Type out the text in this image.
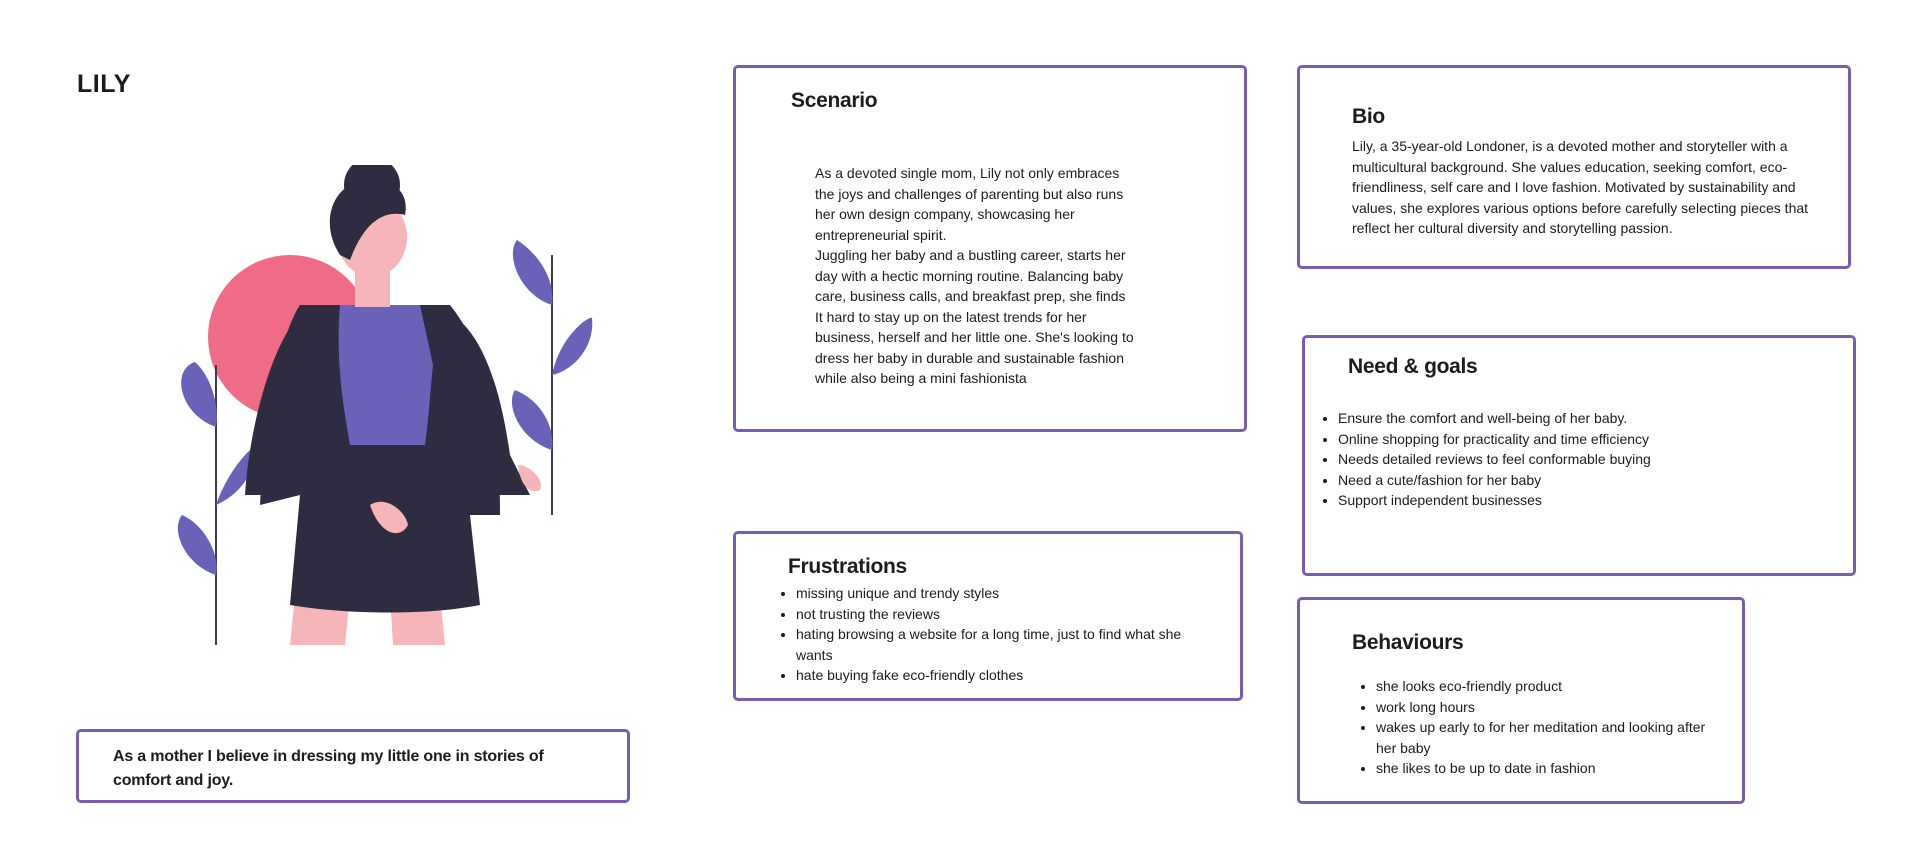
LILY
Scenario

As a devoted single mom, Lily not only embraces the joys and challenges of parenting but also runs her own design company, showcasing her entrepreneurial spirit.

Juggling her baby and a bustling career, starts her day with a hectic morning routine. Balancing baby care, business calls, and breakfast prep, she finds It hard to stay up on the latest trends for her business, herself and her little one. She's looking to dress her baby in durable and sustainable fashion while also being a mini fashionista

Bio
Lily, a 35-year-old Londoner, is a devoted mother and storyteller with a multicultural background. She values education, seeking comfort, eco-friendliness, self care and I love fashion. Motivated by sustainability and values, she explores various options before carefully selecting pieces that reflect her cultural diversity and storytelling passion.
Need & goals
• Ensure the comfort and well-being of her baby.
• Online shopping for practicality and time efficiency
• Needs detailed reviews to feel conformable buying
• Need a cute/fashion for her baby
• Support independent businesses
Frustrations
• missing unique and trendy styles
• not trusting the reviews
• hating browsing a website for a long time, just to find what she wants
• hate buying fake eco-friendly clothes
Behaviours
• she looks eco-friendly product
• work long hours
• wakes up early to for her meditation and looking after her baby
• she likes to be up to date in fashion
As a mother I believe in dressing my little one in stories of comfort and joy.
